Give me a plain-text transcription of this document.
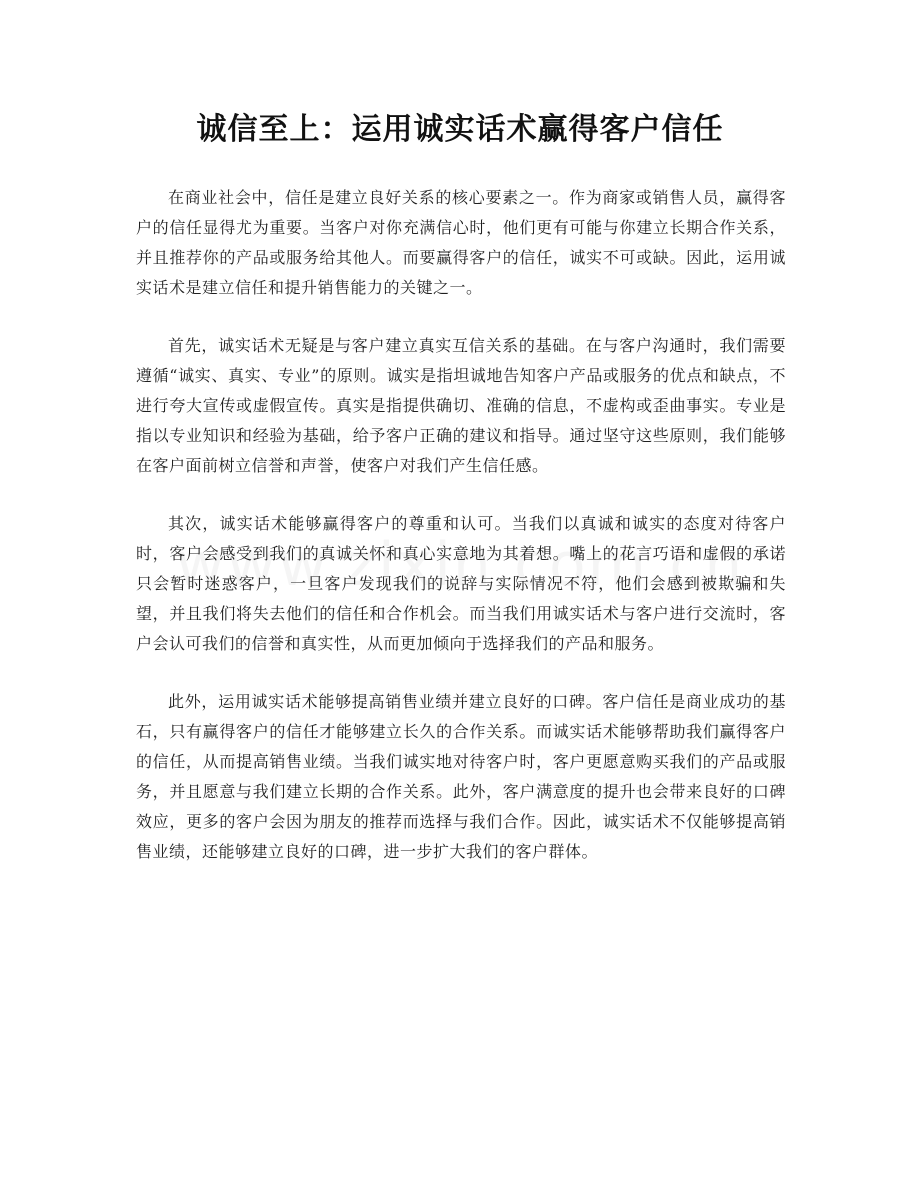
诚信至上：运用诚实话术赢得客户信任

在商业社会中，信任是建立良好关系的核心要素之一。作为商家或销售人员，赢得客户的信任显得尤为重要。当客户对你充满信心时，他们更有可能与你建立长期合作关系，并且推荐你的产品或服务给其他人。而要赢得客户的信任，诚实不可或缺。因此，运用诚实话术是建立信任和提升销售能力的关键之一。

首先，诚实话术无疑是与客户建立真实互信关系的基础。在与客户沟通时，我们需要遵循“诚实、真实、专业”的原则。诚实是指坦诚地告知客户产品或服务的优点和缺点，不进行夸大宣传或虚假宣传。真实是指提供确切、准确的信息，不虚构或歪曲事实。专业是指以专业知识和经验为基础，给予客户正确的建议和指导。通过坚守这些原则，我们能够在客户面前树立信誉和声誉，使客户对我们产生信任感。

其次，诚实话术能够赢得客户的尊重和认可。当我们以真诚和诚实的态度对待客户时，客户会感受到我们的真诚关怀和真心实意地为其着想。嘴上的花言巧语和虚假的承诺只会暂时迷惑客户，一旦客户发现我们的说辞与实际情况不符，他们会感到被欺骗和失望，并且我们将失去他们的信任和合作机会。而当我们用诚实话术与客户进行交流时，客户会认可我们的信誉和真实性，从而更加倾向于选择我们的产品和服务。

此外，运用诚实话术能够提高销售业绩并建立良好的口碑。客户信任是商业成功的基石，只有赢得客户的信任才能够建立长久的合作关系。而诚实话术能够帮助我们赢得客户的信任，从而提高销售业绩。当我们诚实地对待客户时，客户更愿意购买我们的产品或服务，并且愿意与我们建立长期的合作关系。此外，客户满意度的提升也会带来良好的口碑效应，更多的客户会因为朋友的推荐而选择与我们合作。因此，诚实话术不仅能够提高销售业绩，还能够建立良好的口碑，进一步扩大我们的客户群体。
